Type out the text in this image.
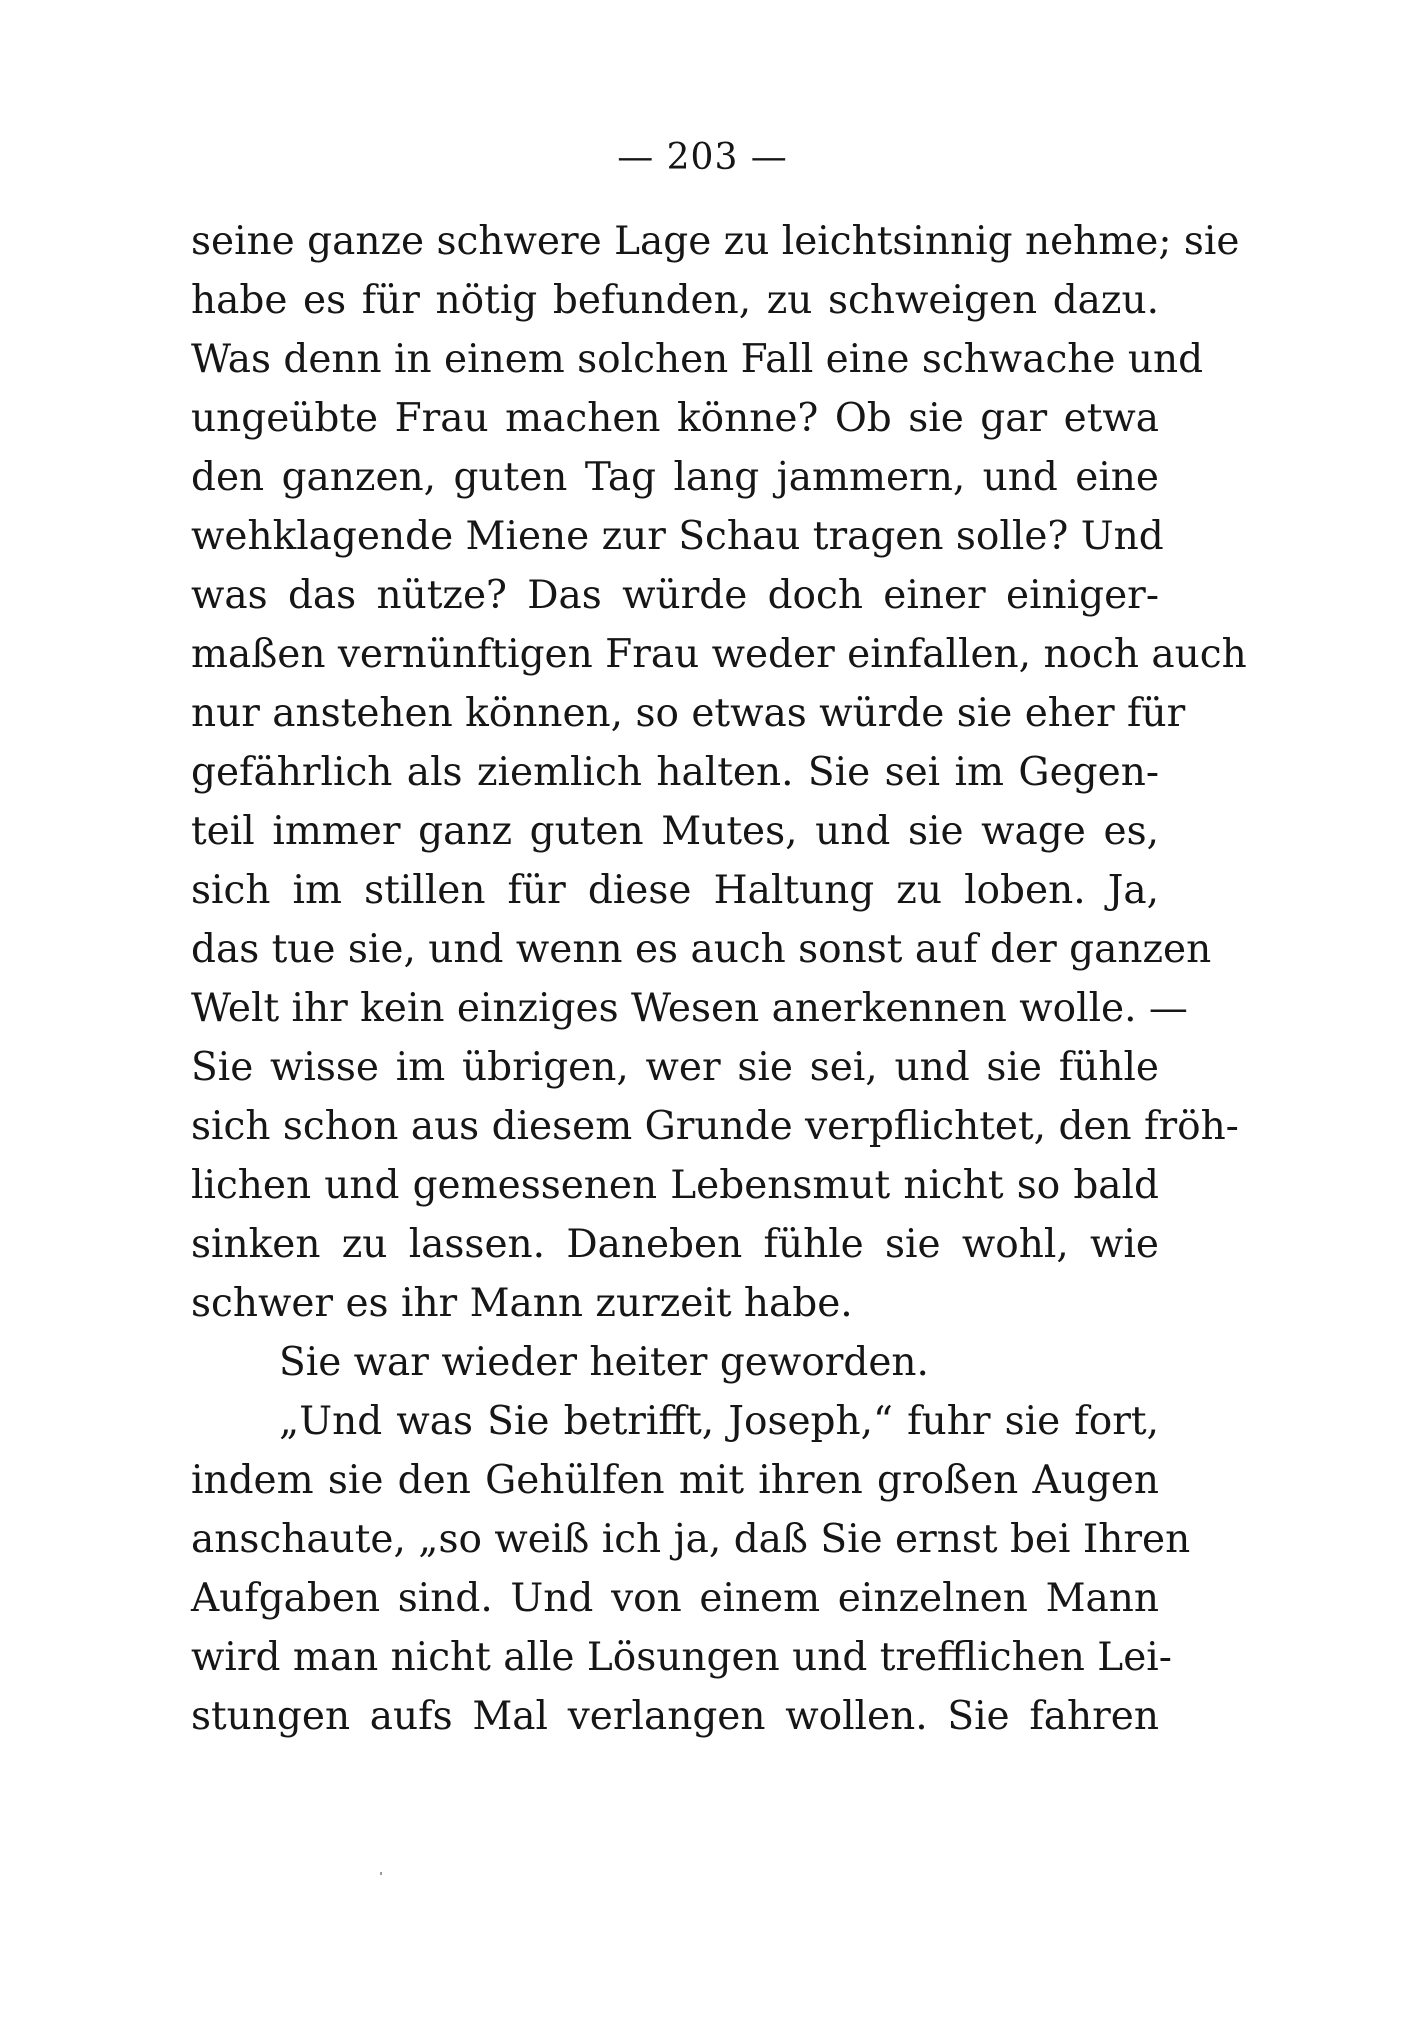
— 203 —
seine ganze schwere Lage zu leichtsinnig nehme; sie
habe es für nötig befunden, zu schweigen dazu.
Was denn in einem solchen Fall eine schwache und
ungeübte Frau machen könne? Ob sie gar etwa
den ganzen, guten Tag lang jammern, und eine
wehklagende Miene zur Schau tragen solle? Und
was das nütze? Das würde doch einer einiger-
maßen vernünftigen Frau weder einfallen, noch auch
nur anstehen können, so etwas würde sie eher für
gefährlich als ziemlich halten. Sie sei im Gegen-
teil immer ganz guten Mutes, und sie wage es,
sich im stillen für diese Haltung zu loben. Ja,
das tue sie, und wenn es auch sonst auf der ganzen
Welt ihr kein einziges Wesen anerkennen wolle. —
Sie wisse im übrigen, wer sie sei, und sie fühle
sich schon aus diesem Grunde verpflichtet, den fröh-
lichen und gemessenen Lebensmut nicht so bald
sinken zu lassen. Daneben fühle sie wohl, wie
schwer es ihr Mann zurzeit habe.
Sie war wieder heiter geworden.
„Und was Sie betrifft, Joseph,“ fuhr sie fort,
indem sie den Gehülfen mit ihren großen Augen
anschaute, „so weiß ich ja, daß Sie ernst bei Ihren
Aufgaben sind. Und von einem einzelnen Mann
wird man nicht alle Lösungen und trefflichen Lei-
stungen aufs Mal verlangen wollen. Sie fahren
